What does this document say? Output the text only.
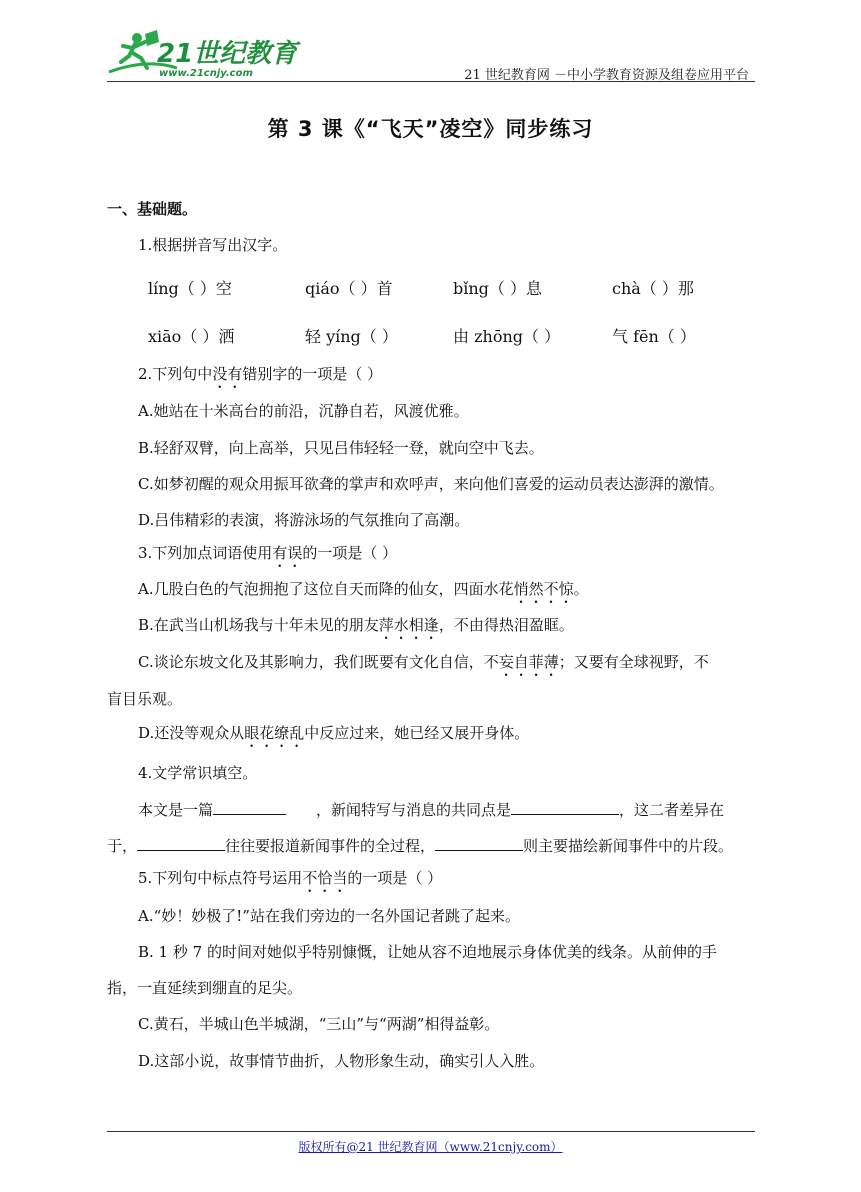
21世纪教育
www.21cnjy.com	21 世纪教育网 －中小学教育资源及组卷应用平台
第 3 课《“飞天”凌空》同步练习
一、基础题。
1.根据拼音写出汉字。
líng（ ）空	qiáo（ ）首	bǐng（ ）息	chà（ ）那
xiāo（ ）洒	轻 yíng（ ）	由 zhōng（ ）	气 fēn（ ）
2.下列句中没有错别字的一项是（ ）
A.她站在十米高台的前沿，沉静自若，风渡优雅。
B.轻舒双臂，向上高举，只见吕伟轻轻一登，就向空中飞去。
C.如梦初醒的观众用振耳欲聋的掌声和欢呼声，来向他们喜爱的运动员表达澎湃的激情。
D.吕伟精彩的表演，将游泳场的气氛推向了高潮。
3.下列加点词语使用有误的一项是（ ）
A.几股白色的气泡拥抱了这位自天而降的仙女，四面水花悄然不惊。
B.在武当山机场我与十年未见的朋友萍水相逢，不由得热泪盈眶。
C.谈论东坡文化及其影响力，我们既要有文化自信，不妄自菲薄；又要有全球视野，不
盲目乐观。
D.还没等观众从眼花缭乱中反应过来，她已经又展开身体。
4.文学常识填空。
本文是一篇	，新闻特写与消息的共同点是	，这二者差异在
于，	往往要报道新闻事件的全过程，	则主要描绘新闻事件中的片段。
5.下列句中标点符号运用不恰当的一项是（ ）
A.“妙！妙极了!”站在我们旁边的一名外国记者跳了起来。
B. 1 秒 7 的时间对她似乎特别慷慨，让她从容不迫地展示身体优美的线条。从前伸的手
指，一直延续到绷直的足尖。
C.黄石，半城山色半城湖，“三山”与“两湖”相得益彰。
D.这部小说，故事情节曲折，人物形象生动，确实引人入胜。
版权所有@21 世纪教育网（www.21cnjy.com）
